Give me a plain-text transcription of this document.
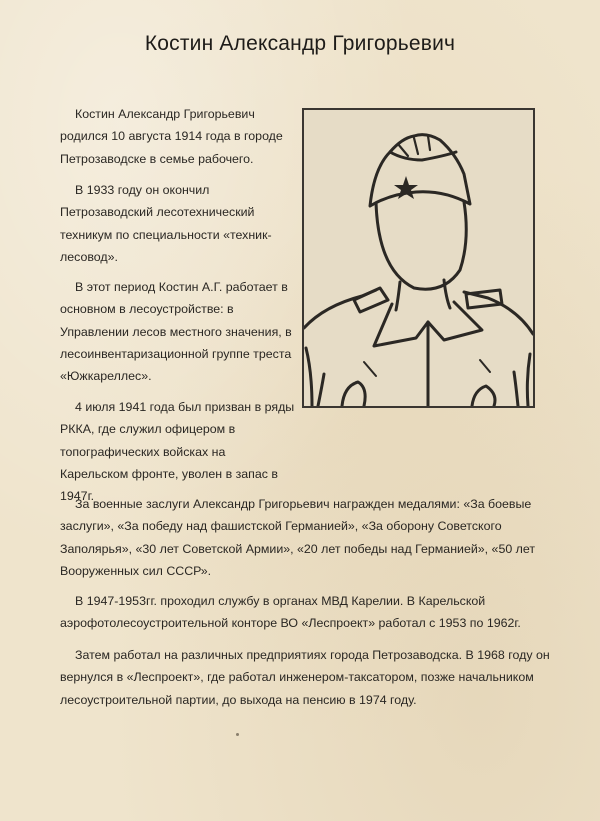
Костин Александр Григорьевич

Костин Александр Григорьевич родился 10 августа 1914 года в городе Петрозаводске в семье рабочего.

В 1933 году он окончил Петрозаводский лесотехнический техникум по специальности «техник-лесовод».

В этот период Костин А.Г. работает в основном в лесоустройстве: в Управлении лесов местного значения, в лесоинвентаризационной группе треста «Южкареллес».

4 июля 1941 года был призван в ряды РККА, где служил офицером в топографических войсках на Карельском фронте, уволен в запас в 1947г.

За военные заслуги Александр Григорьевич награжден медалями: «За боевые заслуги», «За победу над фашистской Германией», «За оборону Советского Заполярья», «30 лет Советской Армии», «20 лет победы над Германией», «50 лет Вооруженных сил СССР».

В 1947-1953гг. проходил службу в органах МВД Карелии. В Карельской аэрофотолесоустроительной конторе ВО «Леспроект» работал с 1953 по 1962г.

Затем работал на различных предприятиях города Петрозаводска. В 1968 году он вернулся в «Леспроект», где работал инженером-таксатором, позже начальником лесоустроительной партии, до выхода на пенсию в 1974 году.
